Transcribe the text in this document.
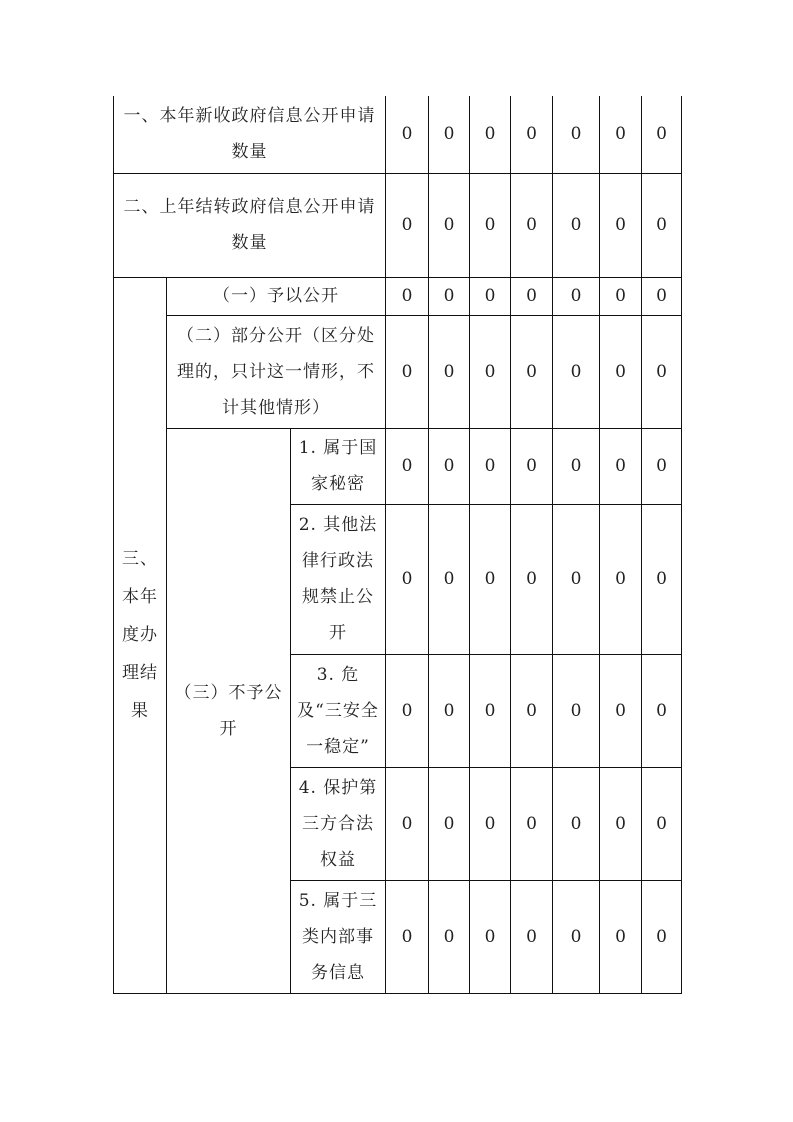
一、本年新收政府信息公开申请数量			0	0	0	0	0	0	0
二、上年结转政府信息公开申请数量			0	0	0	0	0	0	0
三、本年度办理结果	（一）予以公开		0	0	0	0	0	0	0
	（二）部分公开（区分处理的，只计这一情形，不计其他情形）		0	0	0	0	0	0	0
	（三）不予公开	1. 属于国家秘密	0	0	0	0	0	0	0
		2. 其他法律行政法规禁止公开	0	0	0	0	0	0	0
		3. 危及“三安全一稳定”	0	0	0	0	0	0	0
		4. 保护第三方合法权益	0	0	0	0	0	0	0
		5. 属于三类内部事务信息	0	0	0	0	0	0	0
